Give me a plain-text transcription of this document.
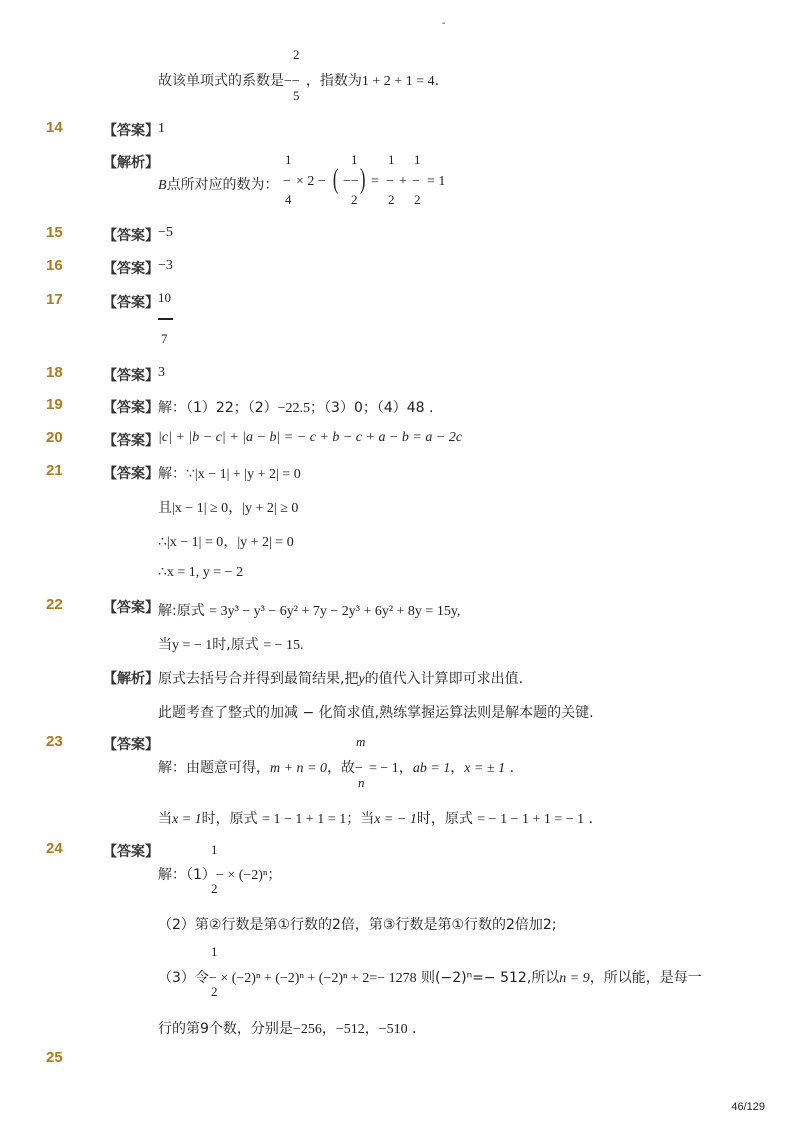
-
2
5
故该单项式的系数是−− ，指数为1 + 2 + 1 = 4.
14	【答案】 1
【解析】	1
4
1
2
1
2
1
2
B点所对应的数为： − × 2 − ( −− ) = − + − = 1
15	【答案】 −5
16	【答案】 −3
17	【答案】 10
7
18	【答案】 3
19	【答案】 解：（1）22；（2）−22.5；（3）0；（4）48 .
20	【答案】 |c| + |b − c| + |a − b| = − c + b − c + a − b = a − 2c
21	【答案】 解：∵|x − 1| + |y + 2| = 0
且|x − 1| ≥ 0，|y + 2| ≥ 0
∴|x − 1| = 0，|y + 2| = 0
∴x = 1, y = − 2
22	【答案】 解:原式 = 3y³ − y³ − 6y² + 7y − 2y³ + 6y² + 8y = 15y,
当y = − 1时,原式 = − 15.
【解析】 原式去括号合并得到最简结果,把y的值代入计算即可求出值.
此题考查了整式的加减 − 化简求值,熟练掌握运算法则是解本题的关键.
23	【答案】	m
n
解：由题意可得，m + n = 0，故− = − 1，ab = 1，x = ± 1 .
当x = 1时，原式 = 1 − 1 + 1 = 1；当x = − 1时，原式 = − 1 − 1 + 1 = − 1 .
24	【答案】	1
2
解：（1）− × (−2)ⁿ；
（2）第②行数是第①行数的2倍，第③行数是第①行数的2倍加2;
1
2
（3）令− × (−2)ⁿ + (−2)ⁿ + (−2)ⁿ + 2=− 1278 则(−2)ⁿ=− 512,所以n = 9，所以能，是每一
行的第9个数，分别是−256，−512，−510 .
25
46/129
